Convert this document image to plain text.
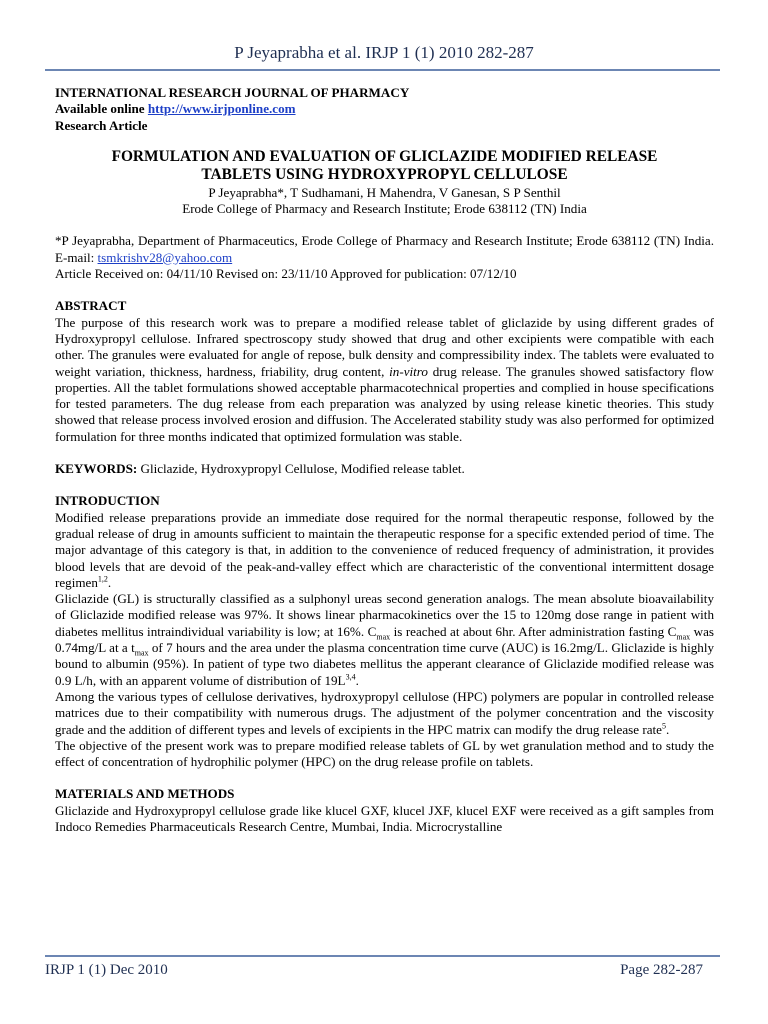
P Jeyaprabha et al. IRJP 1 (1) 2010 282-287
INTERNATIONAL RESEARCH JOURNAL OF PHARMACY
Available online http://www.irjponline.com
Research Article
FORMULATION AND EVALUATION OF GLICLAZIDE MODIFIED RELEASE
TABLETS USING HYDROXYPROPYL CELLULOSE
P Jeyaprabha*, T Sudhamani, H Mahendra, V Ganesan, S P Senthil
Erode College of Pharmacy and Research Institute; Erode 638112 (TN) India

*P Jeyaprabha, Department of Pharmaceutics, Erode College of Pharmacy and Research Institute; Erode 638112 (TN) India. E-mail: tsmkrishv28@yahoo.com

Article Received on: 04/11/10 Revised on: 23/11/10 Approved for publication: 07/12/10

ABSTRACT

The purpose of this research work was to prepare a modified release tablet of gliclazide by using different grades of Hydroxypropyl cellulose. Infrared spectroscopy study showed that drug and other excipients were compatible with each other. The granules were evaluated for angle of repose, bulk density and compressibility index. The tablets were evaluated to weight variation, thickness, hardness, friability, drug content, in-vitro drug release. The granules showed satisfactory flow properties. All the tablet formulations showed acceptable pharmacotechnical properties and complied in house specifications for tested parameters. The dug release from each preparation was analyzed by using release kinetic theories. This study showed that release process involved erosion and diffusion. The Accelerated stability study was also performed for optimized formulation for three months indicated that optimized formulation was stable.

KEYWORDS: Gliclazide, Hydroxypropyl Cellulose, Modified release tablet.

INTRODUCTION

Modified release preparations provide an immediate dose required for the normal therapeutic response, followed by the gradual release of drug in amounts sufficient to maintain the therapeutic response for a specific extended period of time. The major advantage of this category is that, in addition to the convenience of reduced frequency of administration, it provides blood levels that are devoid of the peak-and-valley effect which are characteristic of the conventional intermittent dosage regimen$^{1,2}$.

Gliclazide (GL) is structurally classified as a sulphonyl ureas second generation analogs. The mean absolute bioavailability of Gliclazide modified release was 97%. It shows linear pharmacokinetics over the 15 to 120mg dose range in patient with diabetes mellitus intraindividual variability is low; at 16%. $C_{max}$ is reached at about 6hr. After administration fasting $C_{max}$ was 0.74mg/L at a $t_{max}$ of 7 hours and the area under the plasma concentration time curve (AUC) is 16.2mg/L. Gliclazide is highly bound to albumin (95%). In patient of type two diabetes mellitus the apperant clearance of Gliclazide modified release was 0.9 L/h, with an apparent volume of distribution of $19L^{3,4}$.

Among the various types of cellulose derivatives, hydroxypropyl cellulose (HPC) polymers are popular in controlled release matrices due to their compatibility with numerous drugs. The adjustment of the polymer concentration and the viscosity grade and the addition of different types and levels of excipients in the HPC matrix can modify the drug release rate$^5$.

The objective of the present work was to prepare modified release tablets of GL by wet granulation method and to study the effect of concentration of hydrophilic polymer (HPC) on the drug release profile on tablets.

MATERIALS AND METHODS

Gliclazide and Hydroxypropyl cellulose grade like klucel GXF, klucel JXF, klucel EXF were received as a gift samples from Indoco Remedies Pharmaceuticals Research Centre, Mumbai, India. Microcrystalline

IRJP 1 (1) Dec 2010	Page 282-287
